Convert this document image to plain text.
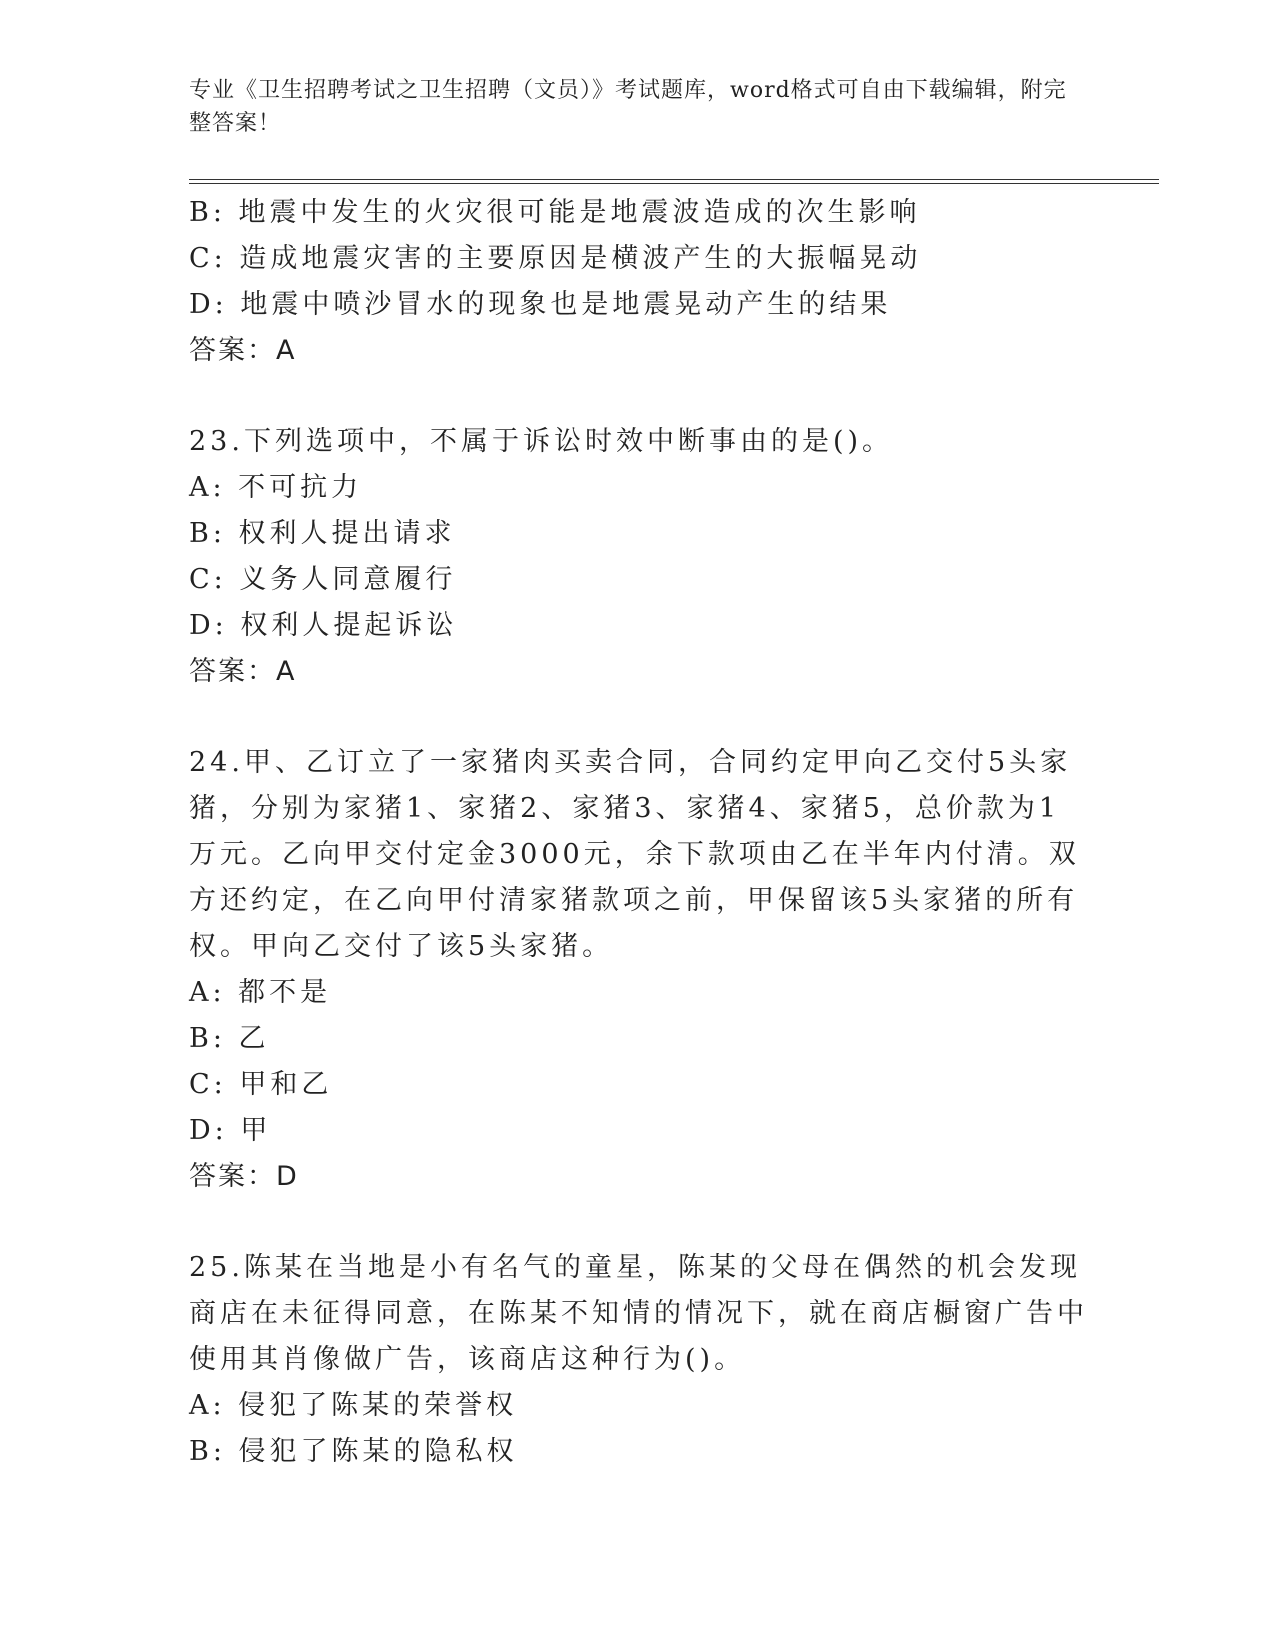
专业《卫生招聘考试之卫生招聘（文员）》考试题库，word格式可自由下载编辑，附完整答案！
B: 地震中发生的火灾很可能是地震波造成的次生影响
C: 造成地震灾害的主要原因是横波产生的大振幅晃动
D: 地震中喷沙冒水的现象也是地震晃动产生的结果
答案：A
23.下列选项中，不属于诉讼时效中断事由的是()。
A: 不可抗力
B: 权利人提出请求
C: 义务人同意履行
D: 权利人提起诉讼
答案：A
24.甲、乙订立了一家猪肉买卖合同，合同约定甲向乙交付5头家猪，分别为家猪1、家猪2、家猪3、家猪4、家猪5，总价款为1万元。乙向甲交付定金3000元，余下款项由乙在半年内付清。双方还约定，在乙向甲付清家猪款项之前，甲保留该5头家猪的所有权。甲向乙交付了该5头家猪。
A: 都不是
B: 乙
C: 甲和乙
D: 甲
答案：D
25.陈某在当地是小有名气的童星，陈某的父母在偶然的机会发现商店在未征得同意，在陈某不知情的情况下，就在商店橱窗广告中使用其肖像做广告，该商店这种行为()。
A: 侵犯了陈某的荣誉权
B: 侵犯了陈某的隐私权
